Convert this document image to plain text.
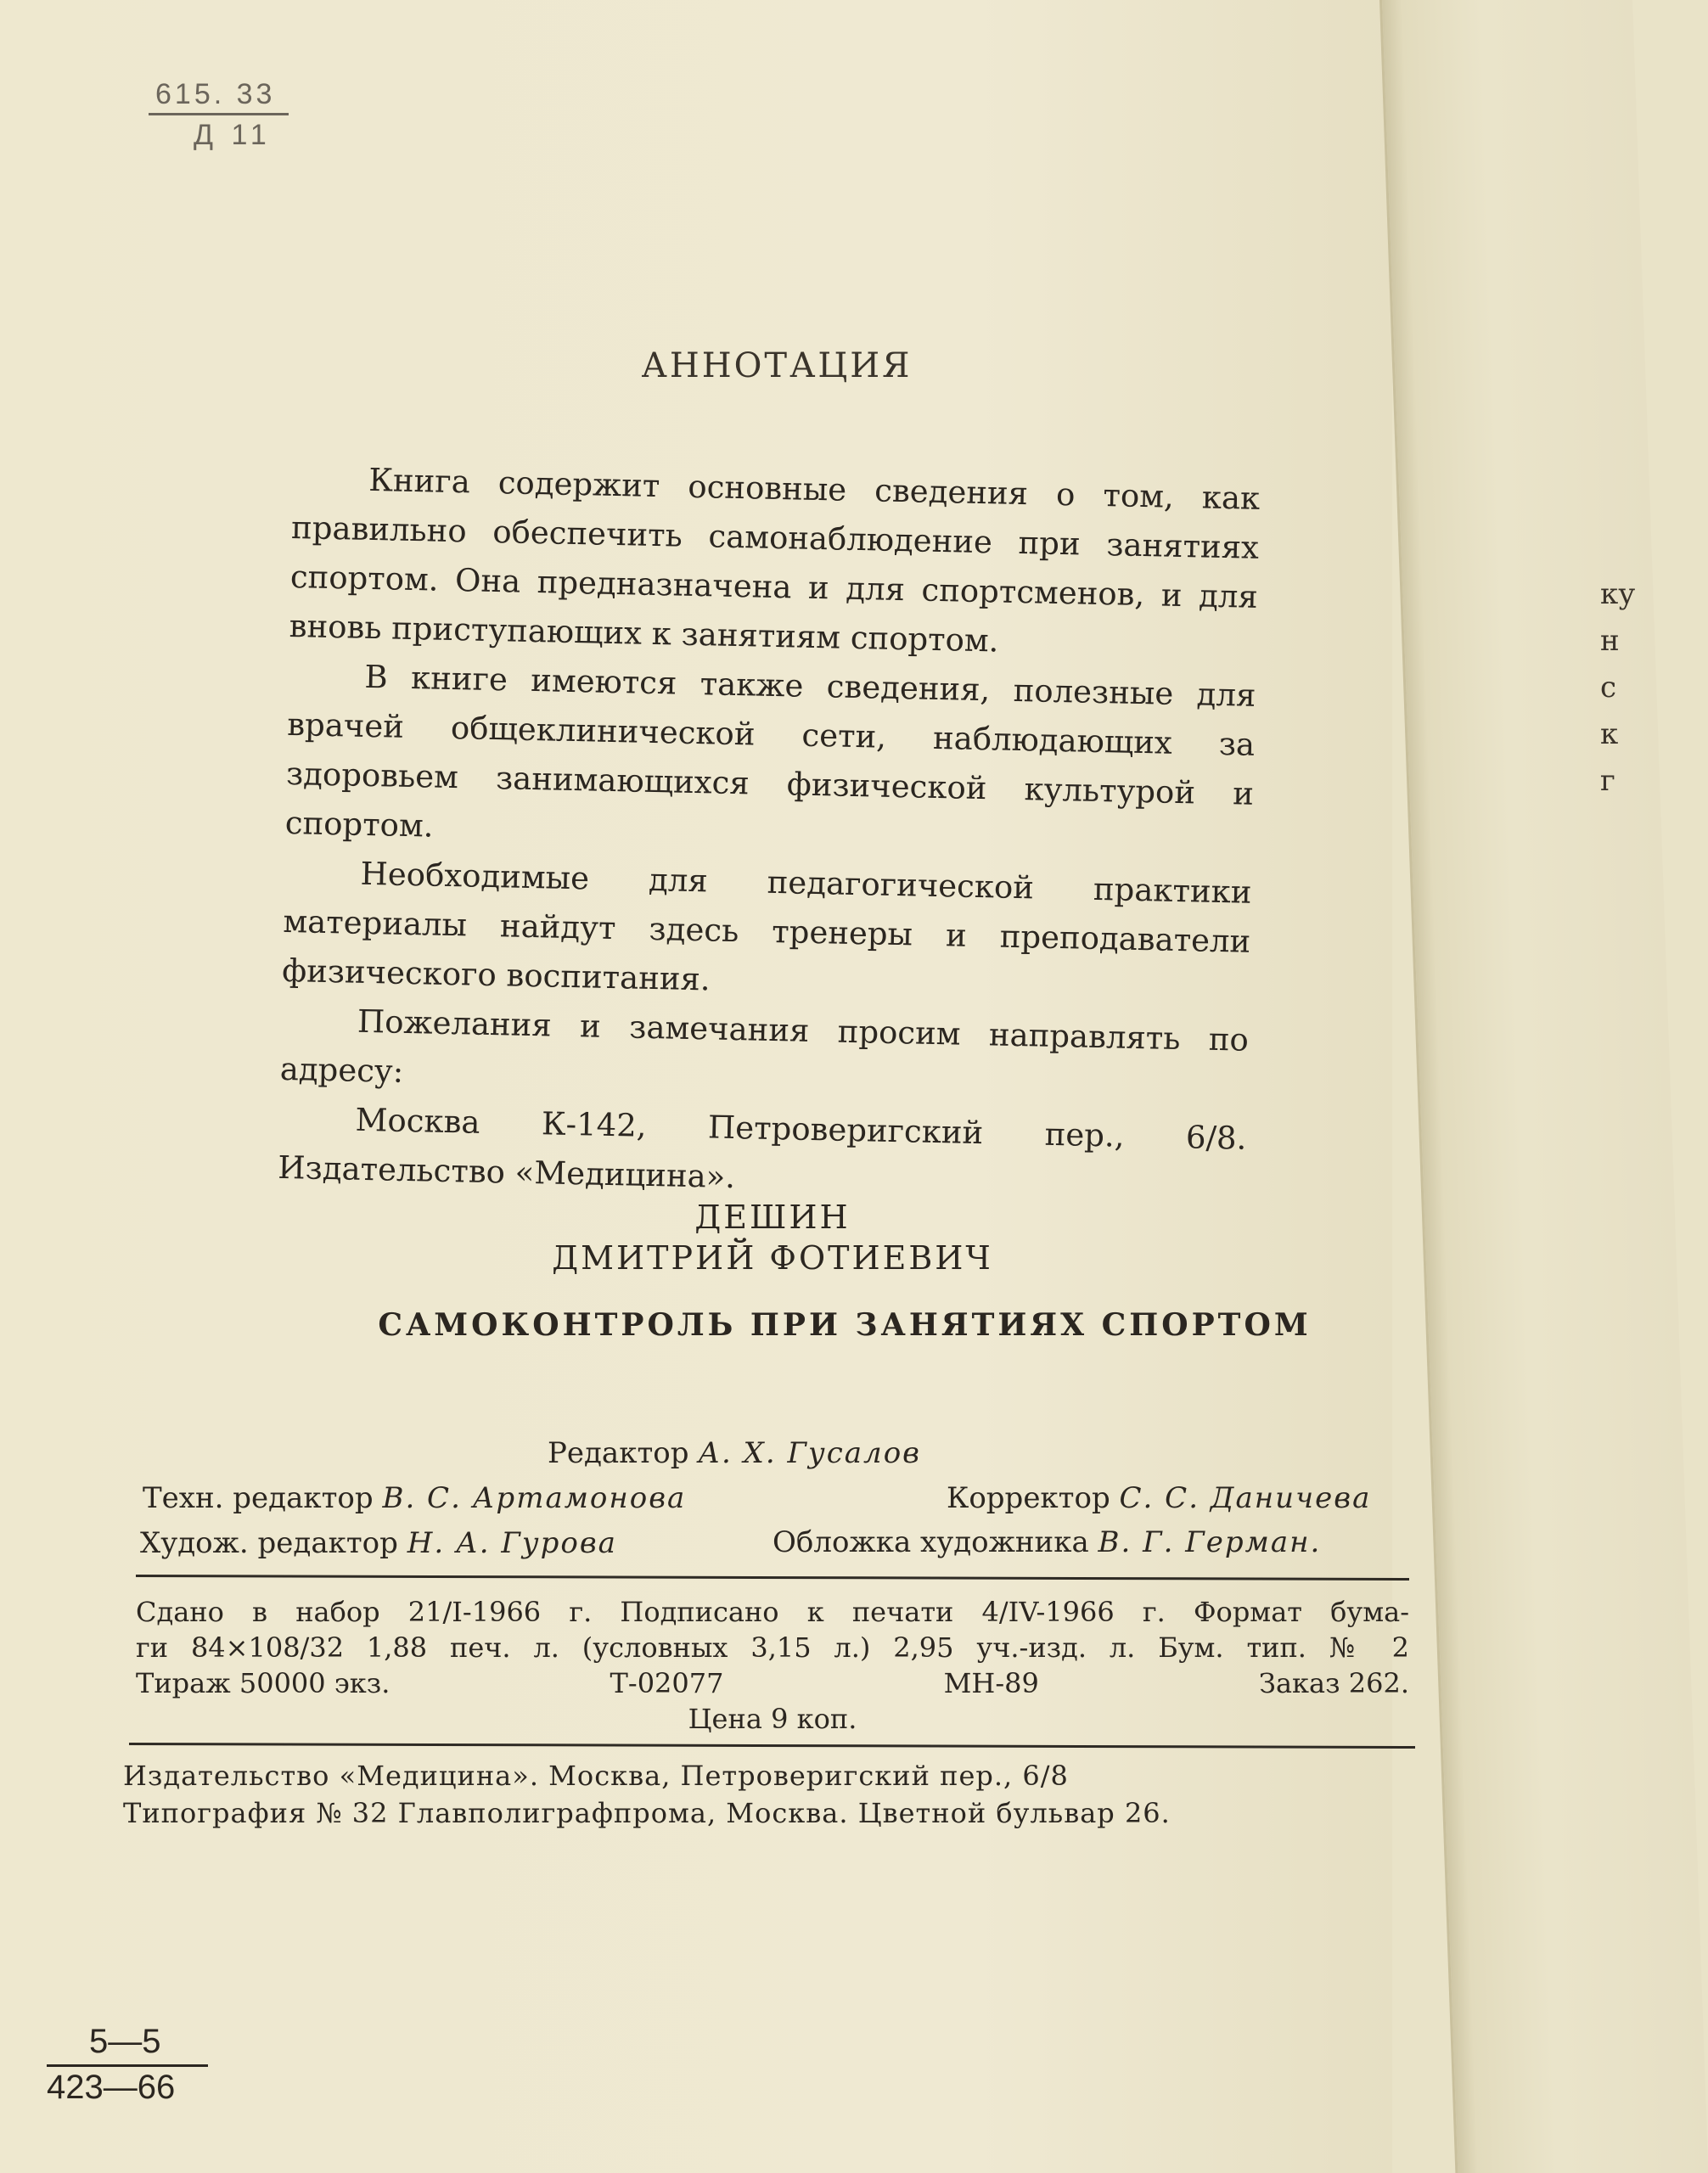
615. 33
Д 11
АННОТАЦИЯ

Книга содержит основные сведения о том, как правильно обеспечить самонаблюдение при занятиях спортом. Она предназначена и для спортсменов, и для вновь приступающих к занятиям спортом.

В книге имеются также сведения, полезные для врачей общеклинической сети, наблюдающих за здоровьем занимающихся физической культурой и спортом.

Необходимые для педагогической практики материалы найдут здесь тренеры и преподаватели физического воспитания.

Пожелания и замечания просим направлять по адресу:

Москва К-142, Петроверигский пер., 6/8. Издательство «Медицина».

ДЕШИН
ДМИТРИЙ ФОТИЕВИЧ
САМОКОНТРОЛЬ ПРИ ЗАНЯТИЯХ СПОРТОМ
Редактор А. Х. Гусалов
Техн. редактор В. С. Артамонова	Корректор С. С. Даничева
Худож. редактор Н. А. Гурова	Обложка художника В. Г. Герман.
Сдано в набор 21/I-1966 г. Подписано к печати 4/IV-1966 г. Формат бума-
ги 84×108/32 1,88 печ. л. (условных 3,15 л.) 2,95 уч.-изд. л. Бум. тип. № 2
Тираж 50000 экз.	Т-02077	МН-89	Заказ 262.
Цена 9 коп.
Издательство «Медицина». Москва, Петроверигский пер., 6/8
Типография № 32 Главполиграфпрома, Москва. Цветной бульвар 26.
5—5
423—66
ку
н
с
к
г
